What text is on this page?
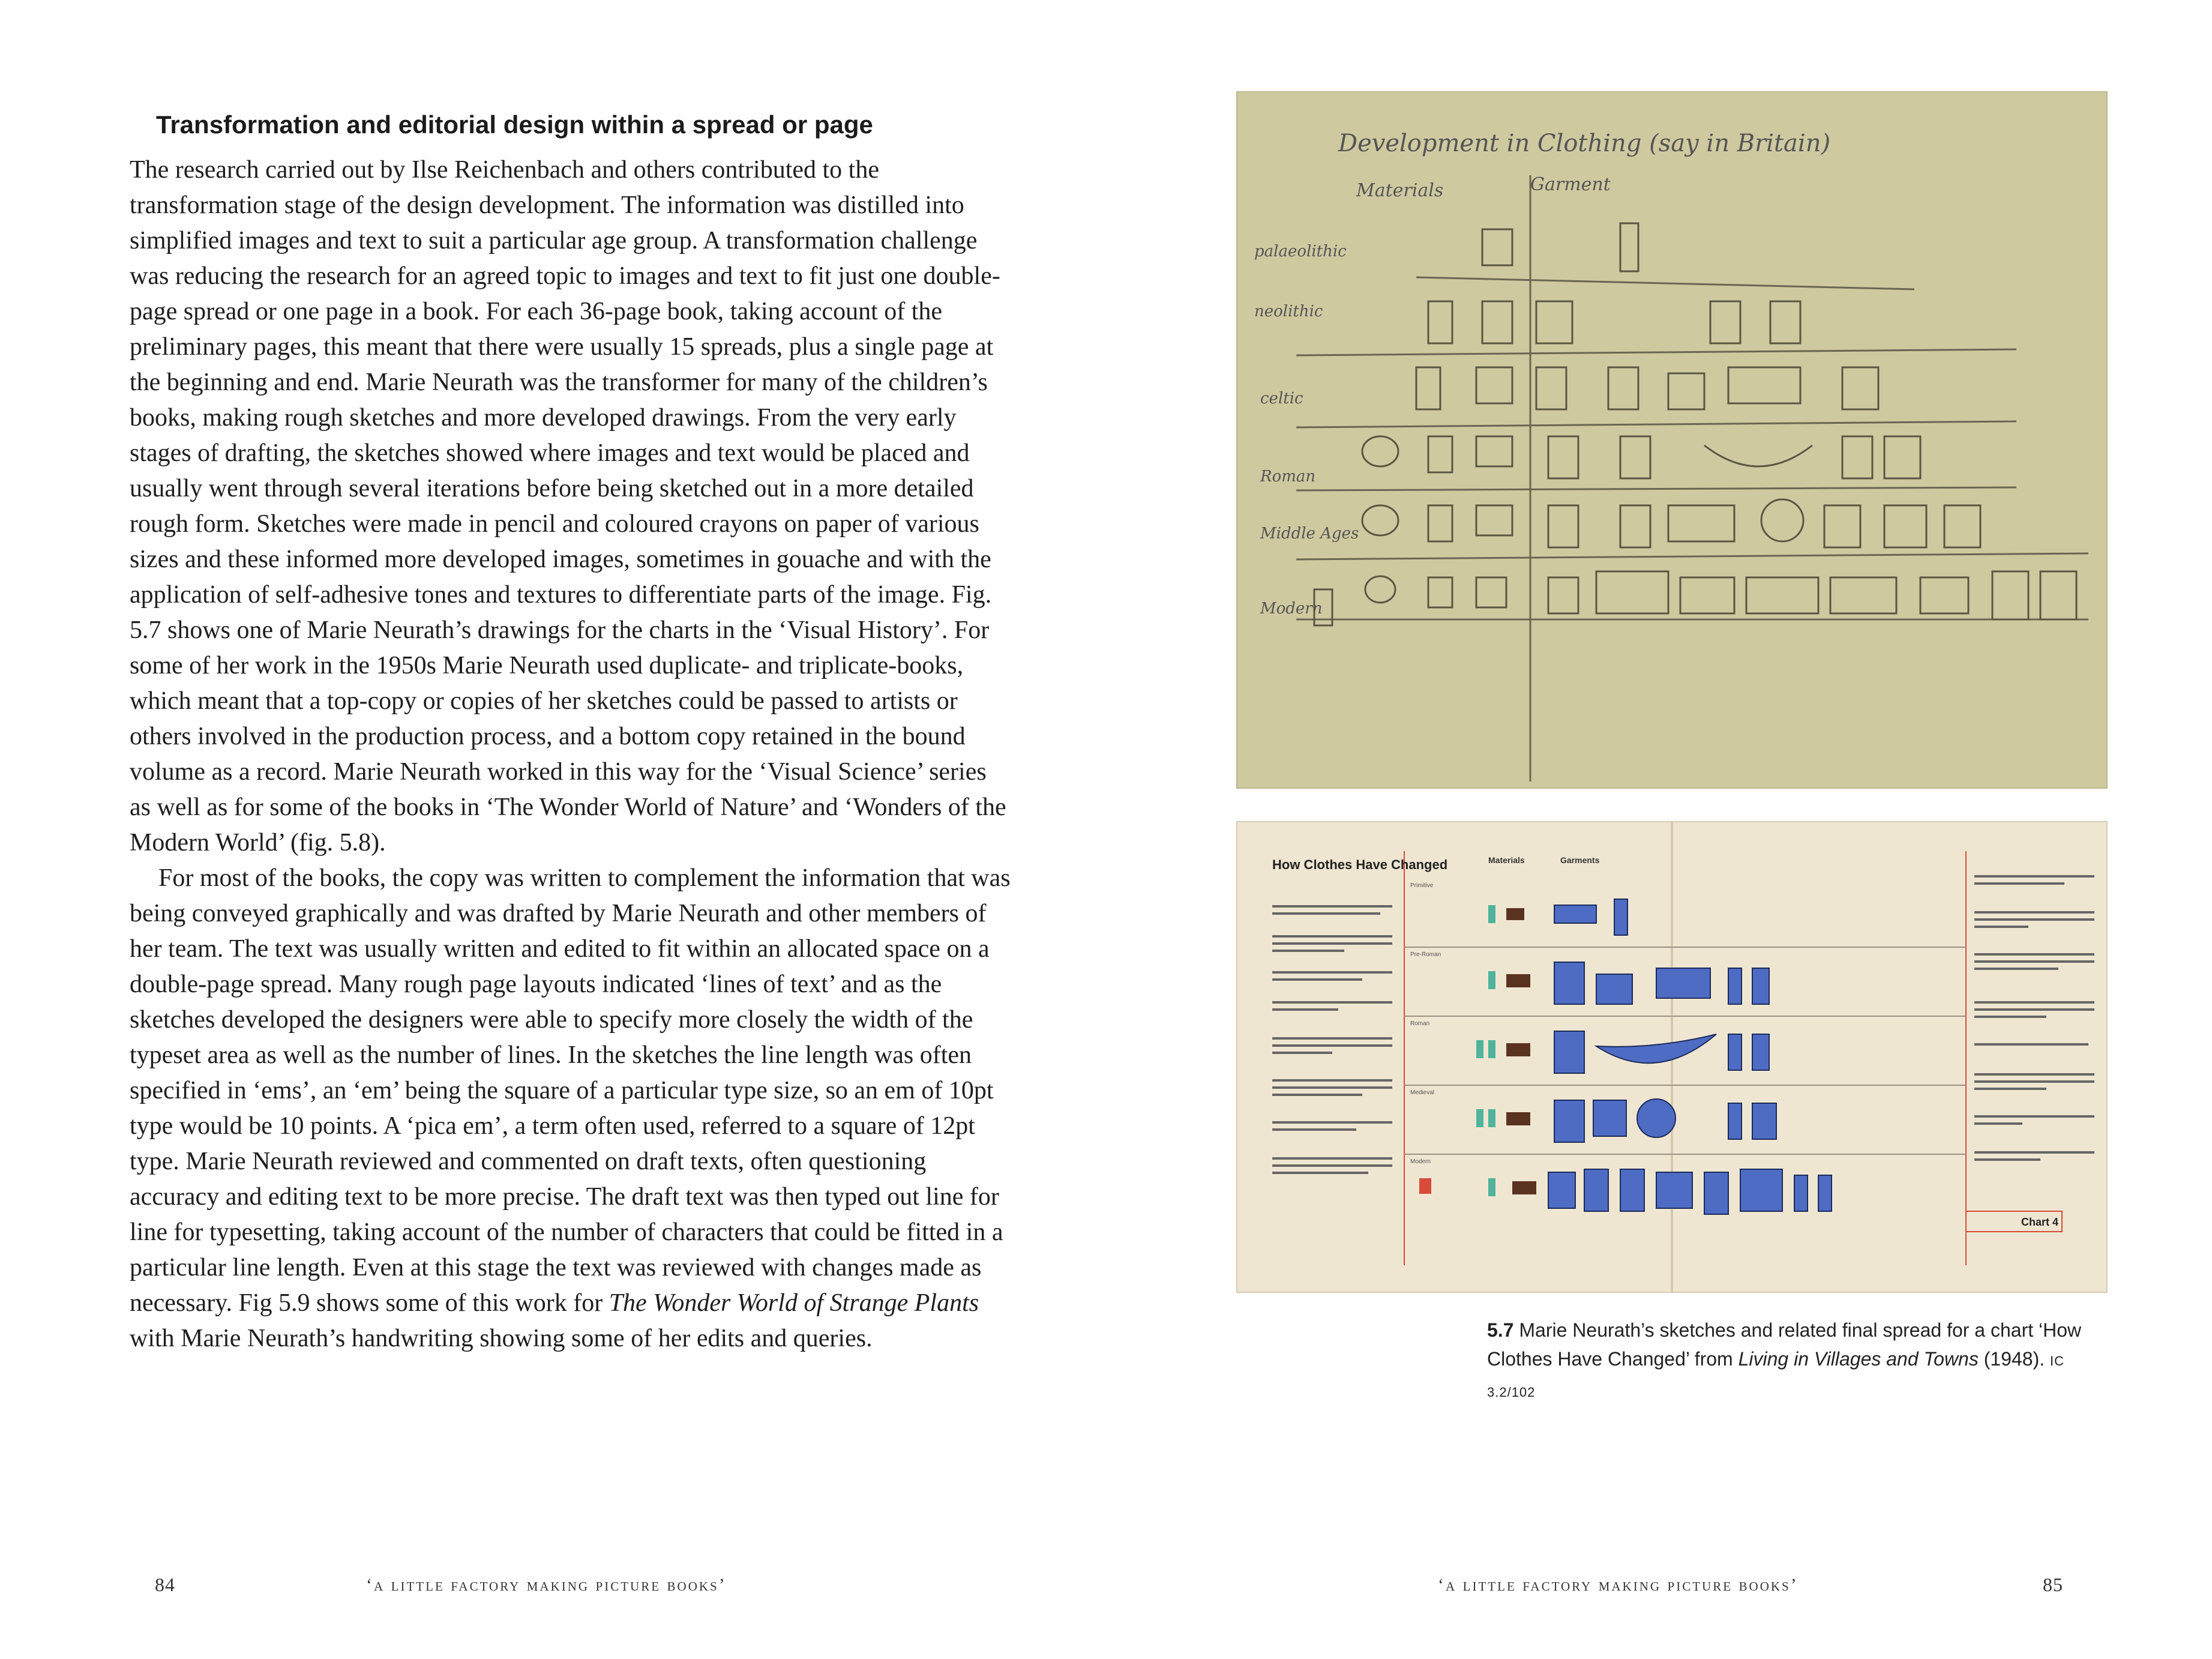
Transformation and editorial design within a spread or page

The research carried out by Ilse Reichenbach and others contributed to the transformation stage of the design development. The information was distilled into simplified images and text to suit a particular age group. A transformation challenge was reducing the research for an agreed topic to images and text to fit just one double-page spread or one page in a book. For each 36-page book, taking account of the preliminary pages, this meant that there were usually 15 spreads, plus a single page at the beginning and end. Marie Neurath was the transformer for many of the children’s books, making rough sketches and more developed drawings. From the very early stages of drafting, the sketches showed where images and text would be placed and usually went through several iterations before being sketched out in a more detailed rough form. Sketches were made in pencil and coloured crayons on paper of various sizes and these informed more developed images, sometimes in gouache and with the application of self-adhesive tones and textures to differentiate parts of the image. Fig. 5.7 shows one of Marie Neurath’s drawings for the charts in the ‘Visual History’. For some of her work in the 1950s Marie Neurath used duplicate- and triplicate-books, which meant that a top-copy or copies of her sketches could be passed to artists or others involved in the production process, and a bottom copy retained in the bound volume as a record. Marie Neurath worked in this way for the ‘Visual Science’ series as well as for some of the books in ‘The Wonder World of Nature’ and ‘Wonders of the Modern World’ (fig. 5.8).

For most of the books, the copy was written to complement the information that was being conveyed graphically and was drafted by Marie Neurath and other members of her team. The text was usually written and edited to fit within an allocated space on a double-page spread. Many rough page layouts indicated ‘lines of text’ and as the sketches developed the designers were able to specify more closely the width of the typeset area as well as the number of lines. In the sketches the line length was often specified in ‘ems’, an ‘em’ being the square of a particular type size, so an em of 10pt type would be 10 points. A ‘pica em’, a term often used, referred to a square of 12pt type. Marie Neurath reviewed and commented on draft texts, often questioning accuracy and editing text to be more precise. The draft text was then typed out line for line for typesetting, taking account of the number of characters that could be fitted in a particular line length. Even at this stage the text was reviewed with changes made as necessary. Fig 5.9 shows some of this work for The Wonder World of Strange Plants with Marie Neurath’s handwriting showing some of her edits and queries.

84	‘a little factory making picture books’
Development in Clothing (say in Britain)
Materials	Garment
palaeolithic
neolithic
celtic
Roman
Middle Ages
Modern
How Clothes Have Changed	Materials	Garments
Primitive
Pre-Roman
Roman
Medieval
Modern
Chart 4
5.7 Marie Neurath’s sketches and related final spread for a chart ‘How Clothes Have Changed’ from Living in Villages and Towns (1948). IC 3.2/102
‘a little factory making picture books’	85
